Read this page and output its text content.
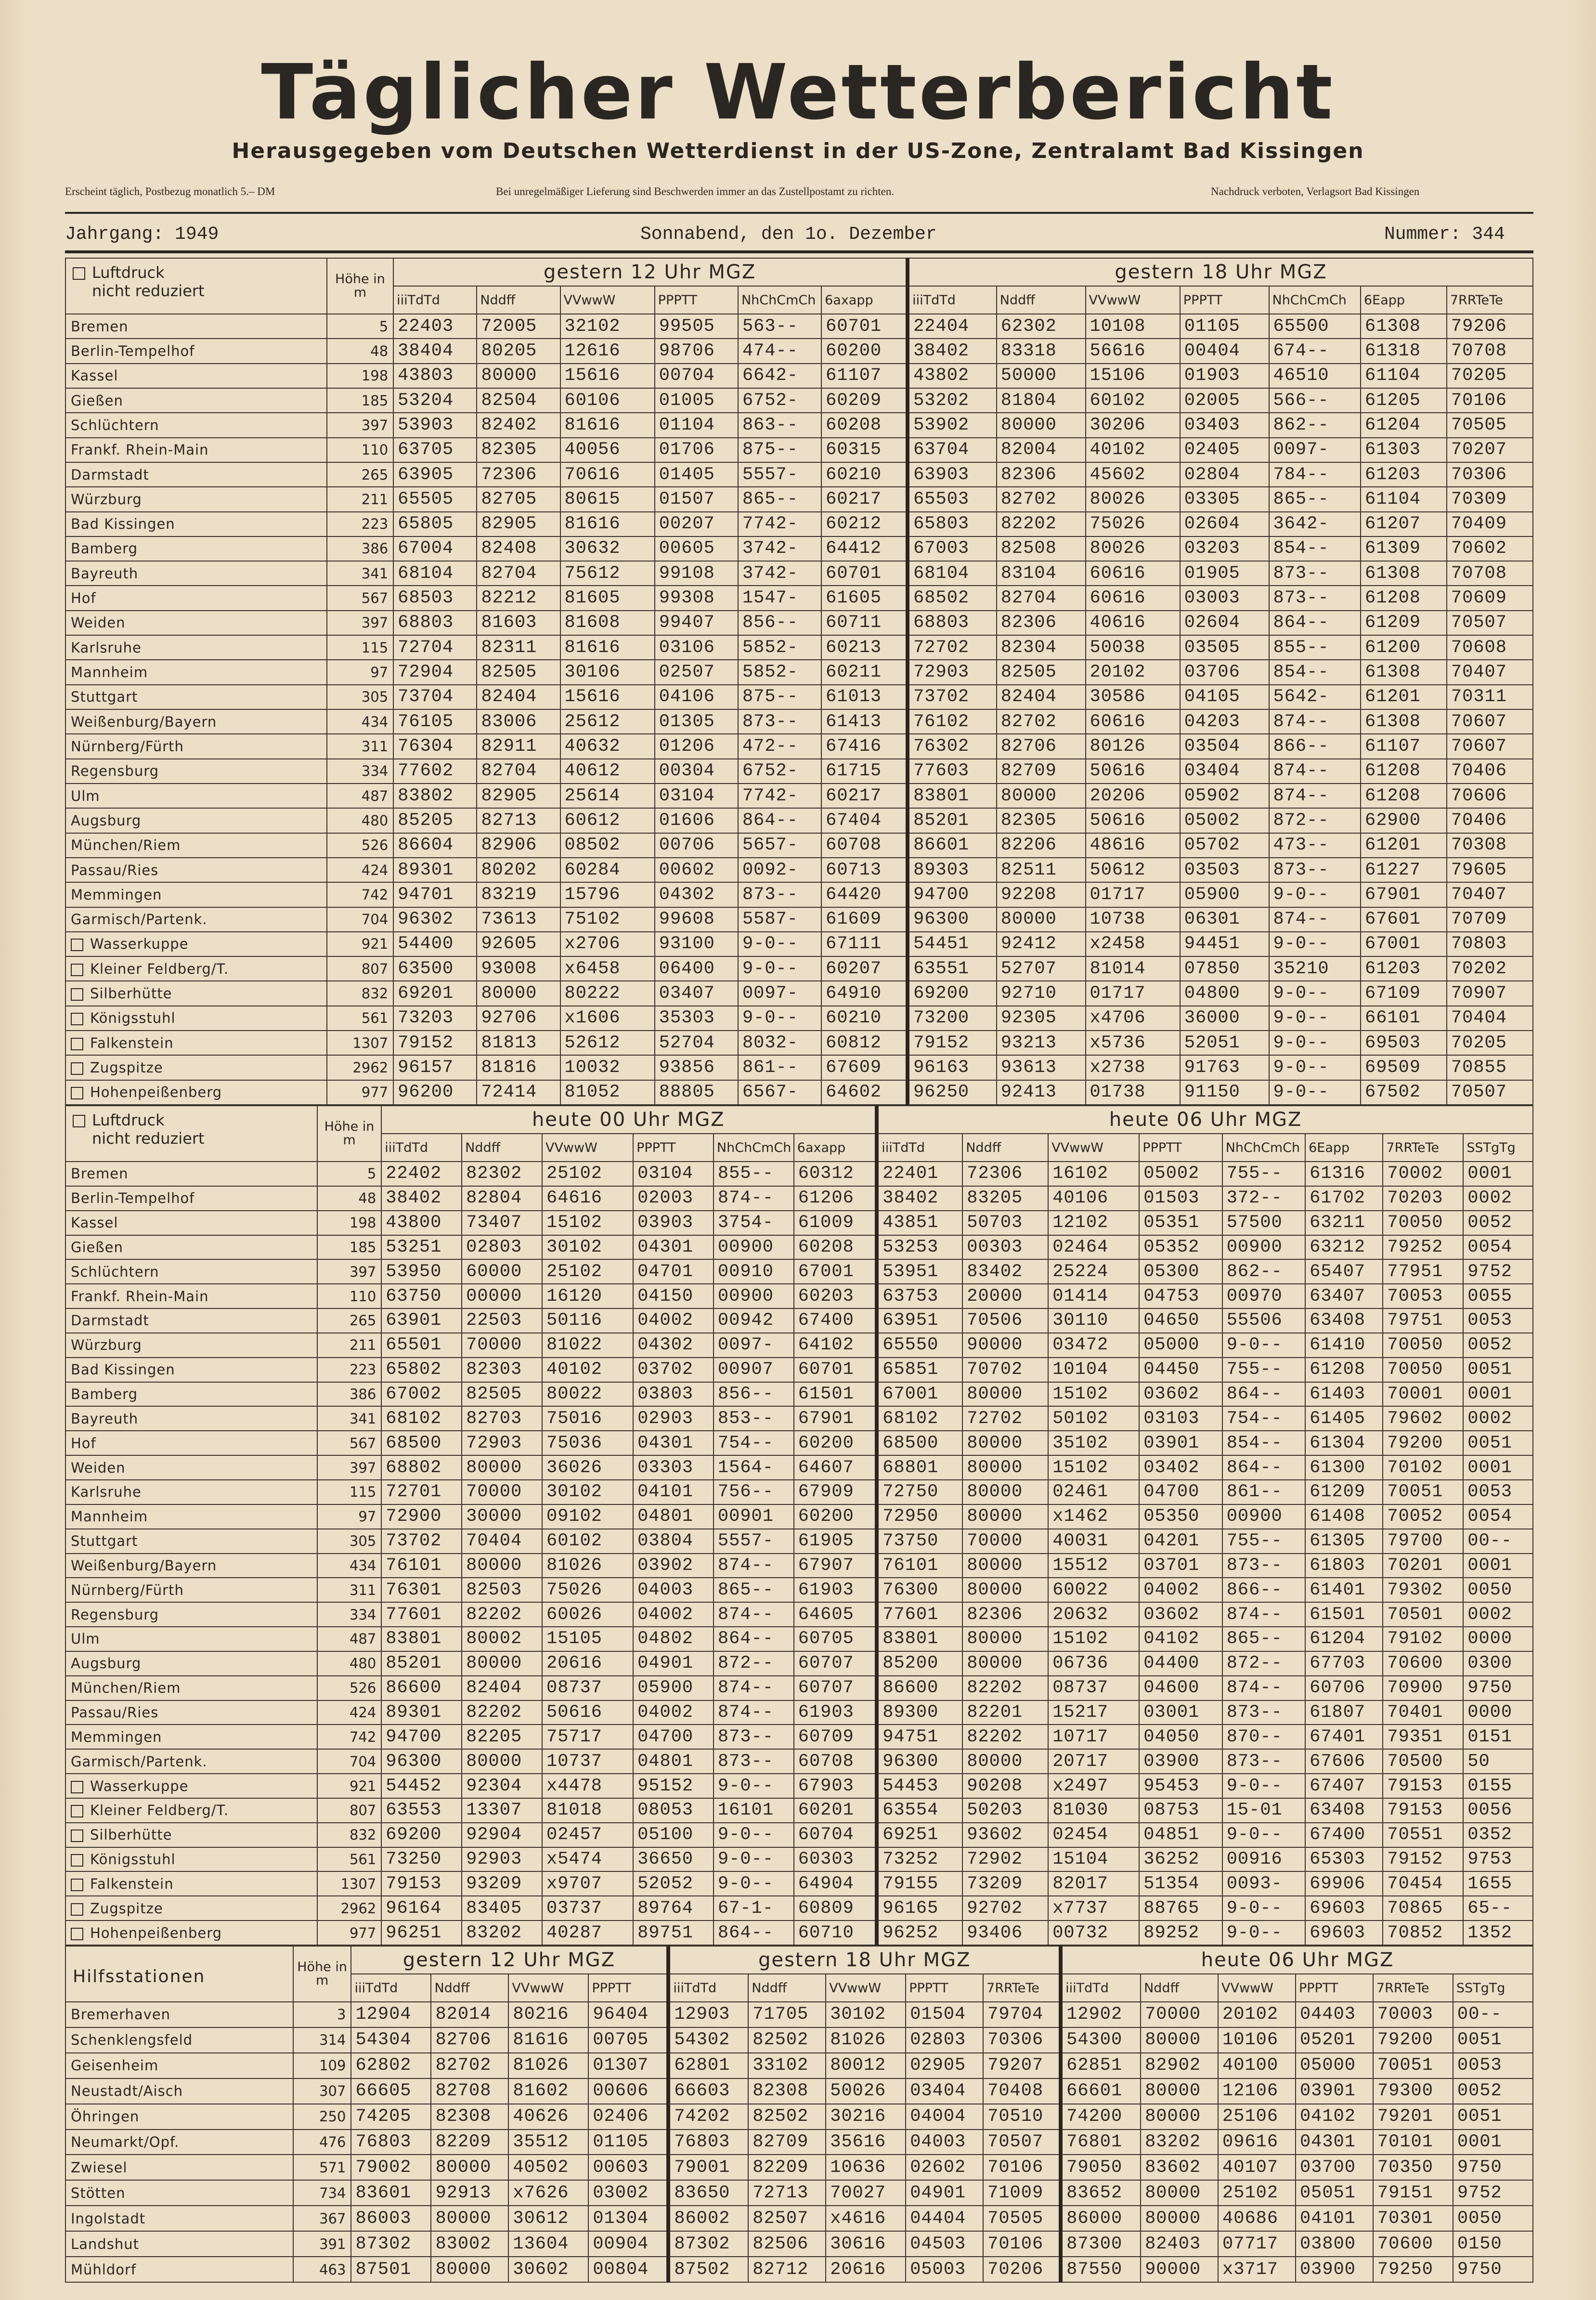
Täglicher Wetterbericht
Herausgegeben vom Deutschen Wetterdienst in der US-Zone, Zentralamt Bad Kissingen
Erscheint täglich, Postbezug monatlich 5.– DM	Bei unregelmäßiger Lieferung sind Beschwerden immer an das Zustellpostamt zu richten.	Nachdruck verboten, Verlagsort Bad Kissingen
Jahrgang: 1949	Sonnabend, den 1o. Dezember	Nummer: 344
Luftdruck
nicht reduziert	Höhe in m	gestern 12 Uhr MGZ						gestern 18 Uhr MGZ						
		iiiTdTd	Nddff	VVwwW	PPPTT	NhChCmCh	6axapp	iiiTdTd	Nddff	VVwwW	PPPTT	NhChCmCh	6Eapp	7RRTeTe
Bremen	5	22403	72005	32102	99505	563--	60701	22404	62302	10108	01105	65500	61308	79206
Berlin-Tempelhof	48	38404	80205	12616	98706	474--	60200	38402	83318	56616	00404	674--	61318	70708
Kassel	198	43803	80000	15616	00704	6642-	61107	43802	50000	15106	01903	46510	61104	70205
Gießen	185	53204	82504	60106	01005	6752-	60209	53202	81804	60102	02005	566--	61205	70106
Schlüchtern	397	53903	82402	81616	01104	863--	60208	53902	80000	30206	03403	862--	61204	70505
Frankf. Rhein-Main	110	63705	82305	40056	01706	875--	60315	63704	82004	40102	02405	0097-	61303	70207
Darmstadt	265	63905	72306	70616	01405	5557-	60210	63903	82306	45602	02804	784--	61203	70306
Würzburg	211	65505	82705	80615	01507	865--	60217	65503	82702	80026	03305	865--	61104	70309
Bad Kissingen	223	65805	82905	81616	00207	7742-	60212	65803	82202	75026	02604	3642-	61207	70409
Bamberg	386	67004	82408	30632	00605	3742-	64412	67003	82508	80026	03203	854--	61309	70602
Bayreuth	341	68104	82704	75612	99108	3742-	60701	68104	83104	60616	01905	873--	61308	70708
Hof	567	68503	82212	81605	99308	1547-	61605	68502	82704	60616	03003	873--	61208	70609
Weiden	397	68803	81603	81608	99407	856--	60711	68803	82306	40616	02604	864--	61209	70507
Karlsruhe	115	72704	82311	81616	03106	5852-	60213	72702	82304	50038	03505	855--	61200	70608
Mannheim	97	72904	82505	30106	02507	5852-	60211	72903	82505	20102	03706	854--	61308	70407
Stuttgart	305	73704	82404	15616	04106	875--	61013	73702	82404	30586	04105	5642-	61201	70311
Weißenburg/Bayern	434	76105	83006	25612	01305	873--	61413	76102	82702	60616	04203	874--	61308	70607
Nürnberg/Fürth	311	76304	82911	40632	01206	472--	67416	76302	82706	80126	03504	866--	61107	70607
Regensburg	334	77602	82704	40612	00304	6752-	61715	77603	82709	50616	03404	874--	61208	70406
Ulm	487	83802	82905	25614	03104	7742-	60217	83801	80000	20206	05902	874--	61208	70606
Augsburg	480	85205	82713	60612	01606	864--	67404	85201	82305	50616	05002	872--	62900	70406
München/Riem	526	86604	82906	08502	00706	5657-	60708	86601	82206	48616	05702	473--	61201	70308
Passau/Ries	424	89301	80202	60284	00602	0092-	60713	89303	82511	50612	03503	873--	61227	79605
Memmingen	742	94701	83219	15796	04302	873--	64420	94700	92208	01717	05900	9-0--	67901	70407
Garmisch/Partenk.	704	96302	73613	75102	99608	5587-	61609	96300	80000	10738	06301	874--	67601	70709
Wasserkuppe	921	54400	92605	x2706	93100	9-0--	67111	54451	92412	x2458	94451	9-0--	67001	70803
Kleiner Feldberg/T.	807	63500	93008	x6458	06400	9-0--	60207	63551	52707	81014	07850	35210	61203	70202
Silberhütte	832	69201	80000	80222	03407	0097-	64910	69200	92710	01717	04800	9-0--	67109	70907
Königsstuhl	561	73203	92706	x1606	35303	9-0--	60210	73200	92305	x4706	36000	9-0--	66101	70404
Falkenstein	1307	79152	81813	52612	52704	8032-	60812	79152	93213	x5736	52051	9-0--	69503	70205
Zugspitze	2962	96157	81816	10032	93856	861--	67609	96163	93613	x2738	91763	9-0--	69509	70855
Hohenpeißenberg	977	96200	72414	81052	88805	6567-	64602	96250	92413	01738	91150	9-0--	67502	70507
Luftdruck
nicht reduziert	Höhe in m	heute 00 Uhr MGZ						heute 06 Uhr MGZ							
		iiiTdTd	Nddff	VVwwW	PPPTT	NhChCmCh	6axapp	iiiTdTd	Nddff	VVwwW	PPPTT	NhChCmCh	6Eapp	7RRTeTe	SSTgTg
Bremen	5	22402	82302	25102	03104	855--	60312	22401	72306	16102	05002	755--	61316	70002	0001
Berlin-Tempelhof	48	38402	82804	64616	02003	874--	61206	38402	83205	40106	01503	372--	61702	70203	0002
Kassel	198	43800	73407	15102	03903	3754-	61009	43851	50703	12102	05351	57500	63211	70050	0052
Gießen	185	53251	02803	30102	04301	00900	60208	53253	00303	02464	05352	00900	63212	79252	0054
Schlüchtern	397	53950	60000	25102	04701	00910	67001	53951	83402	25224	05300	862--	65407	77951	9752
Frankf. Rhein-Main	110	63750	00000	16120	04150	00900	60203	63753	20000	01414	04753	00970	63407	70053	0055
Darmstadt	265	63901	22503	50116	04002	00942	67400	63951	70506	30110	04650	55506	63408	79751	0053
Würzburg	211	65501	70000	81022	04302	0097-	64102	65550	90000	03472	05000	9-0--	61410	70050	0052
Bad Kissingen	223	65802	82303	40102	03702	00907	60701	65851	70702	10104	04450	755--	61208	70050	0051
Bamberg	386	67002	82505	80022	03803	856--	61501	67001	80000	15102	03602	864--	61403	70001	0001
Bayreuth	341	68102	82703	75016	02903	853--	67901	68102	72702	50102	03103	754--	61405	79602	0002
Hof	567	68500	72903	75036	04301	754--	60200	68500	80000	35102	03901	854--	61304	79200	0051
Weiden	397	68802	80000	36026	03303	1564-	64607	68801	80000	15102	03402	864--	61300	70102	0001
Karlsruhe	115	72701	70000	30102	04101	756--	67909	72750	80000	02461	04700	861--	61209	70051	0053
Mannheim	97	72900	30000	09102	04801	00901	60200	72950	80000	x1462	05350	00900	61408	70052	0054
Stuttgart	305	73702	70404	60102	03804	5557-	61905	73750	70000	40031	04201	755--	61305	79700	00--
Weißenburg/Bayern	434	76101	80000	81026	03902	874--	67907	76101	80000	15512	03701	873--	61803	70201	0001
Nürnberg/Fürth	311	76301	82503	75026	04003	865--	61903	76300	80000	60022	04002	866--	61401	79302	0050
Regensburg	334	77601	82202	60026	04002	874--	64605	77601	82306	20632	03602	874--	61501	70501	0002
Ulm	487	83801	80002	15105	04802	864--	60705	83801	80000	15102	04102	865--	61204	79102	0000
Augsburg	480	85201	80000	20616	04901	872--	60707	85200	80000	06736	04400	872--	67703	70600	0300
München/Riem	526	86600	82404	08737	05900	874--	60707	86600	82202	08737	04600	874--	60706	70900	9750
Passau/Ries	424	89301	82202	50616	04002	874--	61903	89300	82201	15217	03001	873--	61807	70401	0000
Memmingen	742	94700	82205	75717	04700	873--	60709	94751	82202	10717	04050	870--	67401	79351	0151
Garmisch/Partenk.	704	96300	80000	10737	04801	873--	60708	96300	80000	20717	03900	873--	67606	70500	50
Wasserkuppe	921	54452	92304	x4478	95152	9-0--	67903	54453	90208	x2497	95453	9-0--	67407	79153	0155
Kleiner Feldberg/T.	807	63553	13307	81018	08053	16101	60201	63554	50203	81030	08753	15-01	63408	79153	0056
Silberhütte	832	69200	92904	02457	05100	9-0--	60704	69251	93602	02454	04851	9-0--	67400	70551	0352
Königsstuhl	561	73250	92903	x5474	36650	9-0--	60303	73252	72902	15104	36252	00916	65303	79152	9753
Falkenstein	1307	79153	93209	x9707	52052	9-0--	64904	79155	73209	82017	51354	0093-	69906	70454	1655
Zugspitze	2962	96164	83405	03737	89764	67-1-	60809	96165	92702	x7737	88765	9-0--	69603	70865	65--
Hohenpeißenberg	977	96251	83202	40287	89751	864--	60710	96252	93406	00732	89252	9-0--	69603	70852	1352
Hilfsstationen	Höhe in m	gestern 12 Uhr MGZ				gestern 18 Uhr MGZ					heute 06 Uhr MGZ					
		iiiTdTd	Nddff	VVwwW	PPPTT	iiiTdTd	Nddff	VVwwW	PPPTT	7RRTeTe	iiiTdTd	Nddff	VVwwW	PPPTT	7RRTeTe	SSTgTg
Bremerhaven	3	12904	82014	80216	96404	12903	71705	30102	01504	79704	12902	70000	20102	04403	70003	00--
Schenklengsfeld	314	54304	82706	81616	00705	54302	82502	81026	02803	70306	54300	80000	10106	05201	79200	0051
Geisenheim	109	62802	82702	81026	01307	62801	33102	80012	02905	79207	62851	82902	40100	05000	70051	0053
Neustadt/Aisch	307	66605	82708	81602	00606	66603	82308	50026	03404	70408	66601	80000	12106	03901	79300	0052
Öhringen	250	74205	82308	40626	02406	74202	82502	30216	04004	70510	74200	80000	25106	04102	79201	0051
Neumarkt/Opf.	476	76803	82209	35512	01105	76803	82709	35616	04003	70507	76801	83202	09616	04301	70101	0001
Zwiesel	571	79002	80000	40502	00603	79001	82209	10636	02602	70106	79050	83602	40107	03700	70350	9750
Stötten	734	83601	92913	x7626	03002	83650	72713	70027	04901	71009	83652	80000	25102	05051	79151	9752
Ingolstadt	367	86003	80000	30612	01304	86002	82507	x4616	04404	70505	86000	80000	40686	04101	70301	0050
Landshut	391	87302	83002	13604	00904	87302	82506	30616	04503	70106	87300	82403	07717	03800	70600	0150
Mühldorf	463	87501	80000	30602	00804	87502	82712	20616	05003	70206	87550	90000	x3717	03900	79250	9750
